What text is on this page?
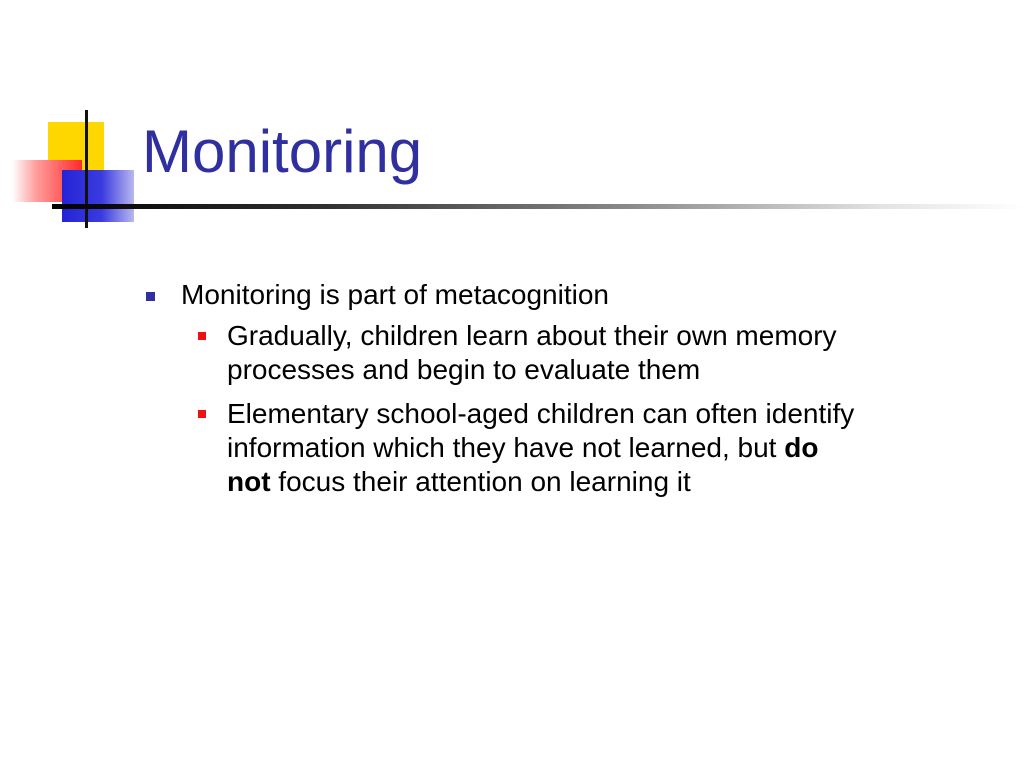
Monitoring
Monitoring is part of metacognition
Gradually, children learn about their own memory processes and begin to evaluate them
Elementary school-aged children can often identify information which they have not learned, but do not focus their attention on learning it
